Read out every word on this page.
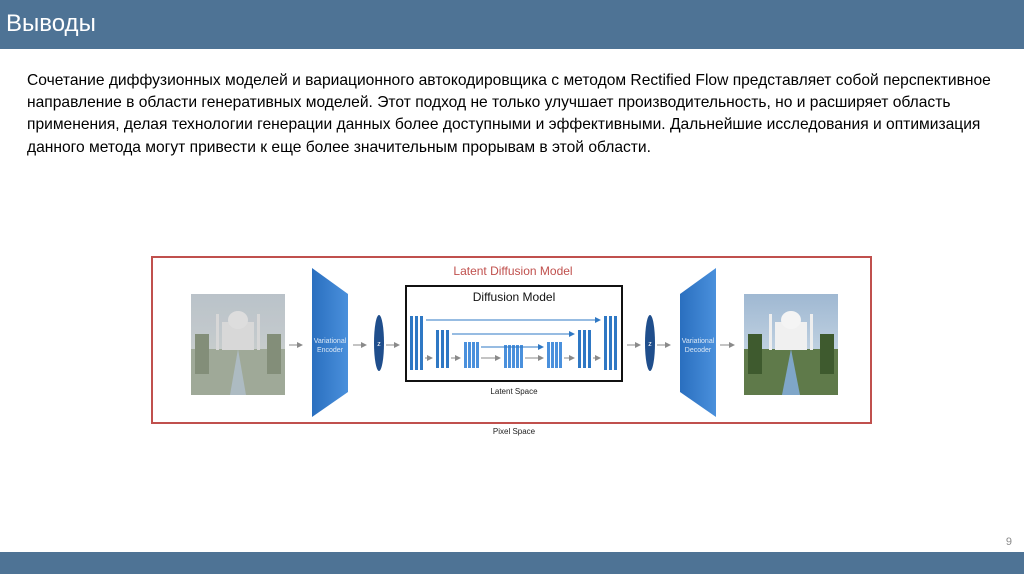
Выводы
Сочетание диффузионных моделей и вариационного автокодировщика с методом Rectified Flow представляет собой перспективное направление в области генеративных моделей. Этот подход не только улучшает производительность, но и расширяет область применения, делая технологии генерации данных более доступными и эффективными. Дальнейшие исследования и оптимизация данного метода могут привести к еще более значительным прорывам в этой области.
Latent Diffusion Model
Variational
Encoder
z
Diffusion Model
Latent Space
z	Variational
Decoder
Pixel Space
9
